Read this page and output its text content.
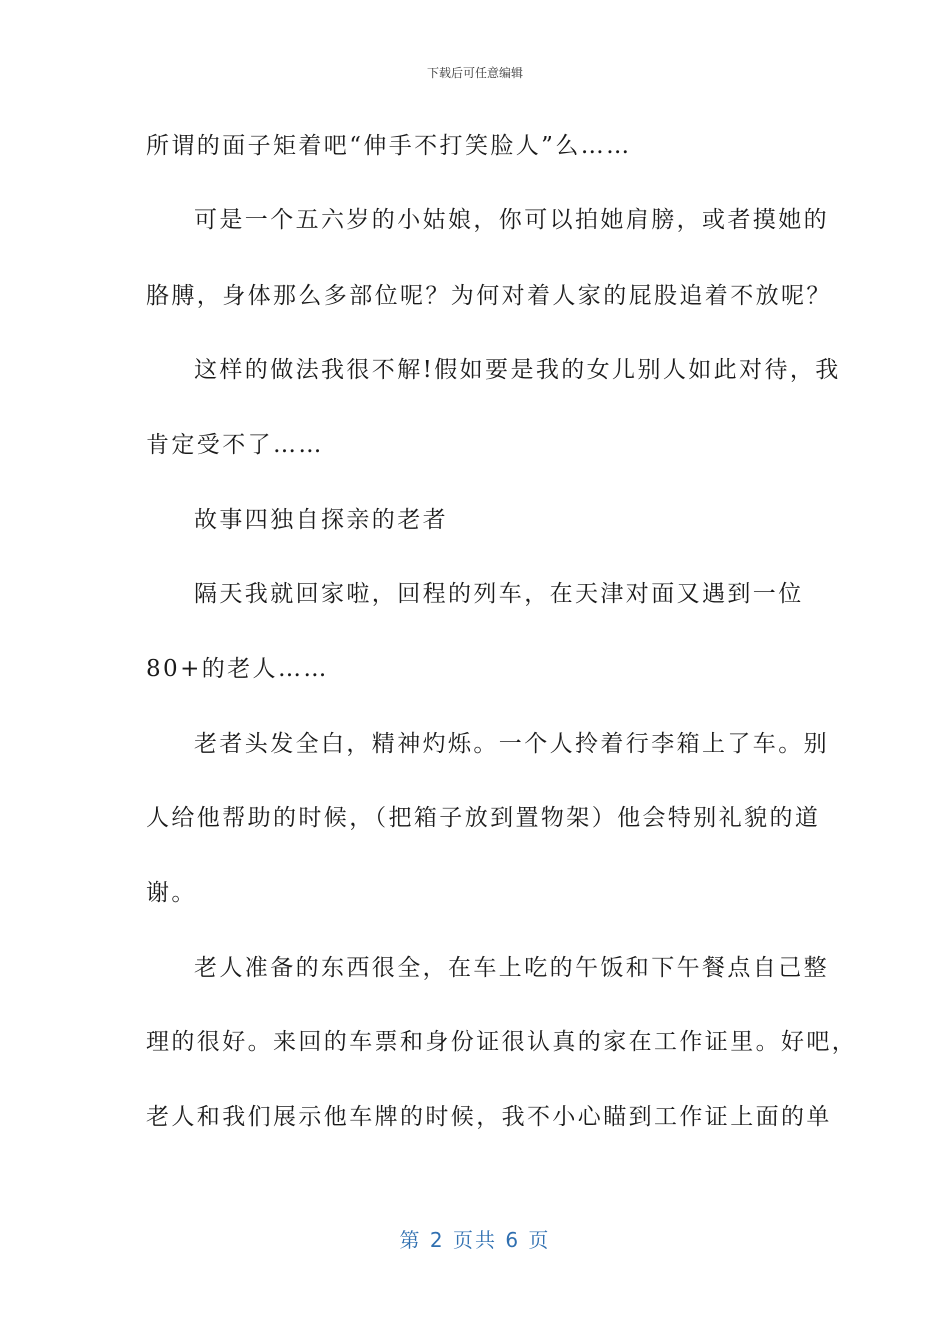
下载后可任意编辑
所谓的面子矩着吧“伸手不打笑脸人”么……
可是一个五六岁的小姑娘，你可以拍她肩膀，或者摸她的
胳膊，身体那么多部位呢？为何对着人家的屁股追着不放呢？
这样的做法我很不解!假如要是我的女儿别人如此对待，我
肯定受不了……
故事四独自探亲的老者
隔天我就回家啦，回程的列车，在天津对面又遇到一位
80+的老人……
老者头发全白，精神灼烁。一个人拎着行李箱上了车。别
人给他帮助的时候，（把箱子放到置物架）他会特别礼貌的道
谢。
老人准备的东西很全，在车上吃的午饭和下午餐点自己整
理的很好。来回的车票和身份证很认真的家在工作证里。好吧，
老人和我们展示他车牌的时候，我不小心瞄到工作证上面的单
第 2 页共 6 页
